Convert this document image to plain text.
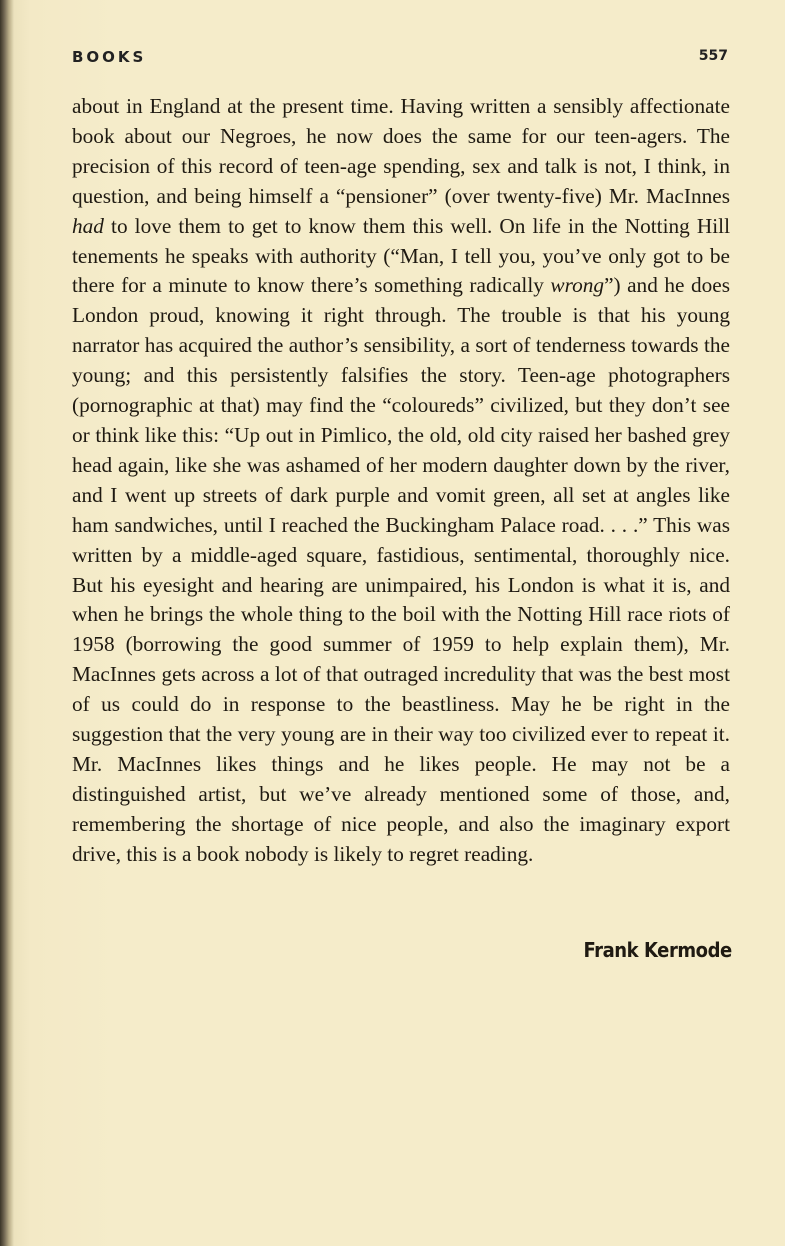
BOOKS	557

about in England at the present time. Having written a sensibly affectionate book about our Negroes, he now does the same for our teen-agers. The precision of this record of teen-age spending, sex and talk is not, I think, in question, and being himself a “pensioner” (over twenty-five) Mr. MacInnes had to love them to get to know them this well. On life in the Notting Hill tenements he speaks with authority (“Man, I tell you, you’ve only got to be there for a minute to know there’s something radically wrong”) and he does London proud, knowing it right through. The trouble is that his young narrator has acquired the author’s sensibility, a sort of tenderness towards the young; and this persistently falsifies the story. Teen-age photographers (pornographic at that) may find the “coloureds” civilized, but they don’t see or think like this: “Up out in Pimlico, the old, old city raised her bashed grey head again, like she was ashamed of her modern daughter down by the river, and I went up streets of dark purple and vomit green, all set at angles like ham sandwiches, until I reached the Buckingham Palace road. . . .” This was written by a middle-aged square, fastidious, sentimental, thoroughly nice. But his eyesight and hearing are unimpaired, his London is what it is, and when he brings the whole thing to the boil with the Notting Hill race riots of 1958 (borrowing the good summer of 1959 to help explain them), Mr. MacInnes gets across a lot of that outraged incredulity that was the best most of us could do in response to the beastliness. May he be right in the suggestion that the very young are in their way too civilized ever to repeat it. Mr. MacInnes likes things and he likes people. He may not be a distinguished artist, but we’ve already mentioned some of those, and, remembering the shortage of nice people, and also the imaginary export drive, this is a book nobody is likely to regret reading.

Frank Kermode
